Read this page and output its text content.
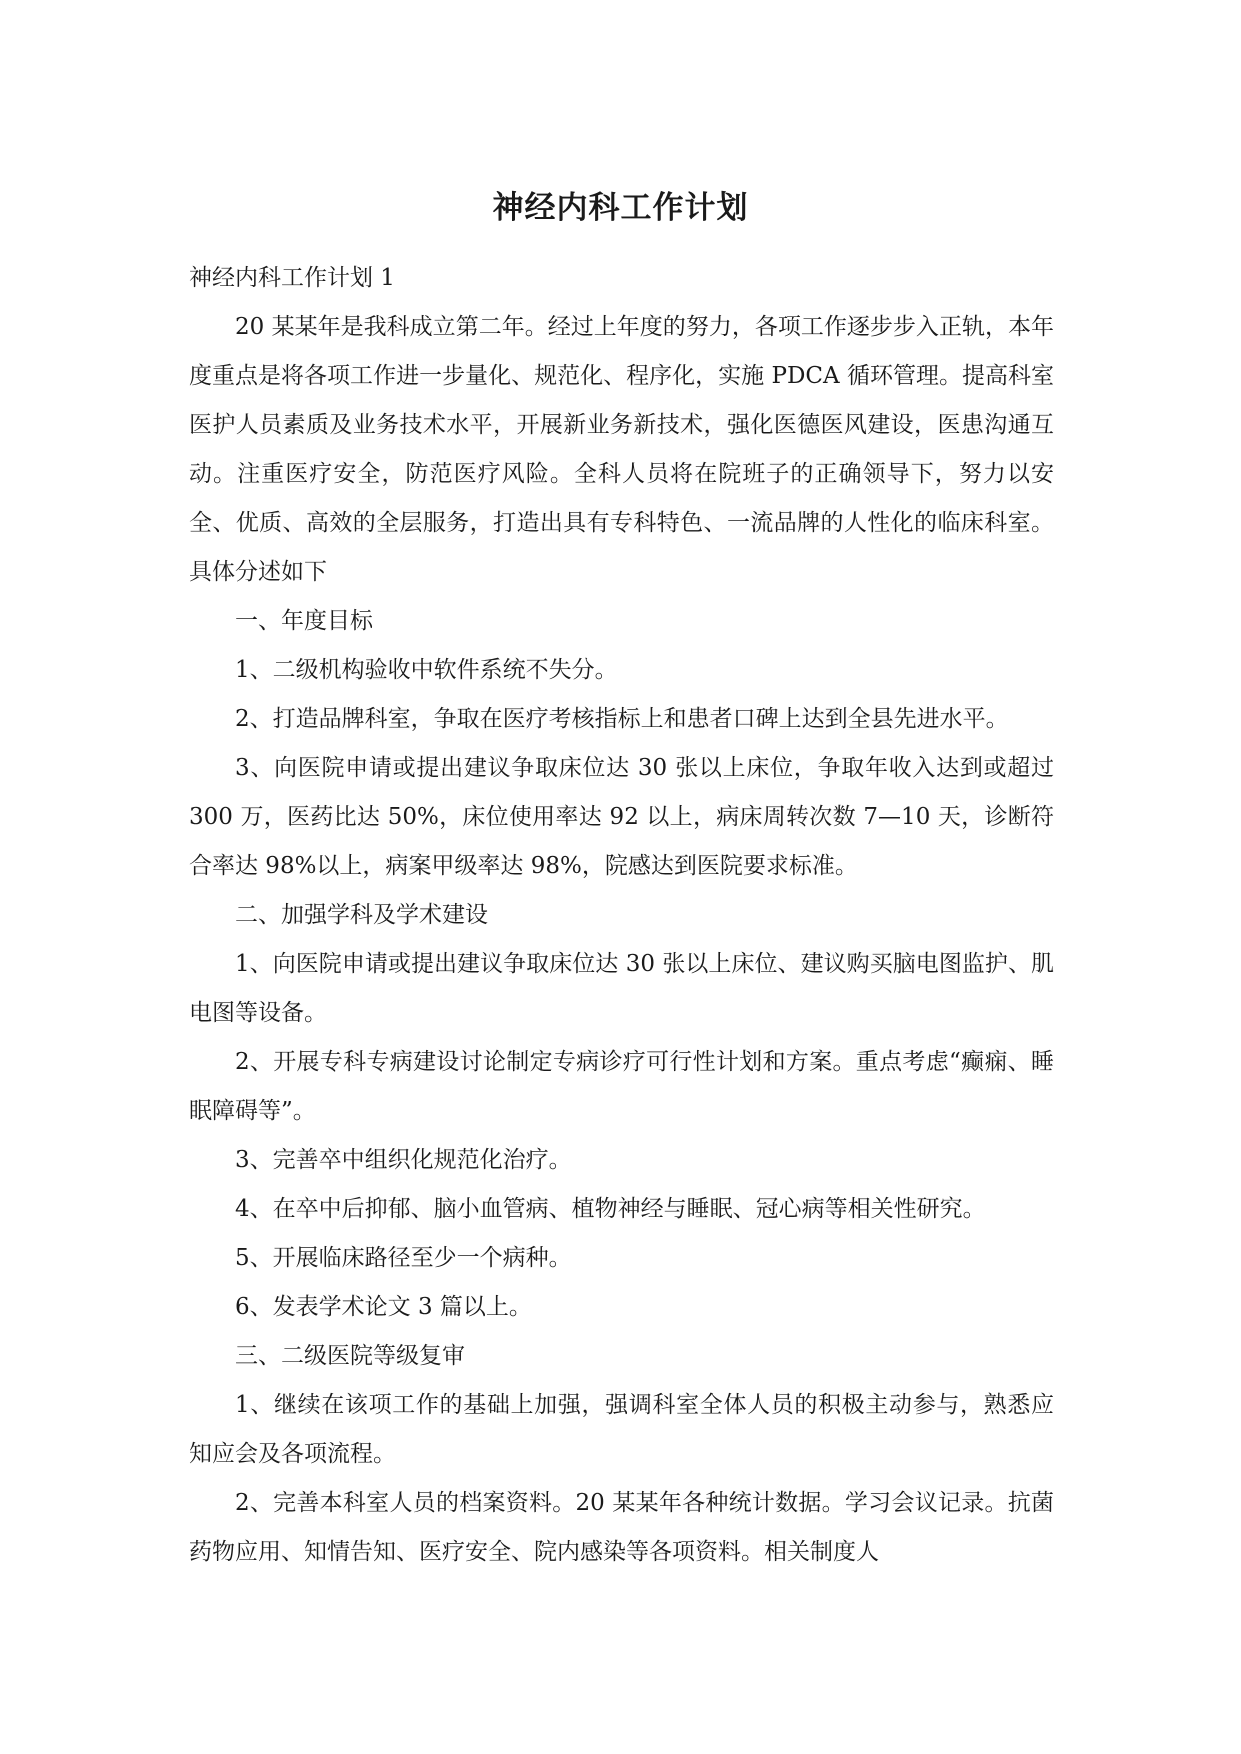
神经内科工作计划

神经内科工作计划 1

20 某某年是我科成立第二年。经过上年度的努力，各项工作逐步步入正轨，本年度重点是将各项工作进一步量化、规范化、程序化，实施 PDCA 循环管理。提高科室医护人员素质及业务技术水平，开展新业务新技术，强化医德医风建设，医患沟通互动。注重医疗安全，防范医疗风险。全科人员将在院班子的正确领导下，努力以安全、优质、高效的全层服务，打造出具有专科特色、一流品牌的人性化的临床科室。具体分述如下

一、年度目标

1、二级机构验收中软件系统不失分。

2、打造品牌科室，争取在医疗考核指标上和患者口碑上达到全县先进水平。

3、向医院申请或提出建议争取床位达 30 张以上床位，争取年收入达到或超过 300 万，医药比达 50%，床位使用率达 92 以上，病床周转次数 7—10 天，诊断符合率达 98%以上，病案甲级率达 98%，院感达到医院要求标准。

二、加强学科及学术建设

1、向医院申请或提出建议争取床位达 30 张以上床位、建议购买脑电图监护、肌电图等设备。

2、开展专科专病建设讨论制定专病诊疗可行性计划和方案。重点考虑“癫痫、睡眠障碍等”。

3、完善卒中组织化规范化治疗。

4、在卒中后抑郁、脑小血管病、植物神经与睡眠、冠心病等相关性研究。

5、开展临床路径至少一个病种。

6、发表学术论文 3 篇以上。

三、二级医院等级复审

1、继续在该项工作的基础上加强，强调科室全体人员的积极主动参与，熟悉应知应会及各项流程。

2、完善本科室人员的档案资料。20 某某年各种统计数据。学习会议记录。抗菌药物应用、知情告知、医疗安全、院内感染等各项资料。相关制度人
